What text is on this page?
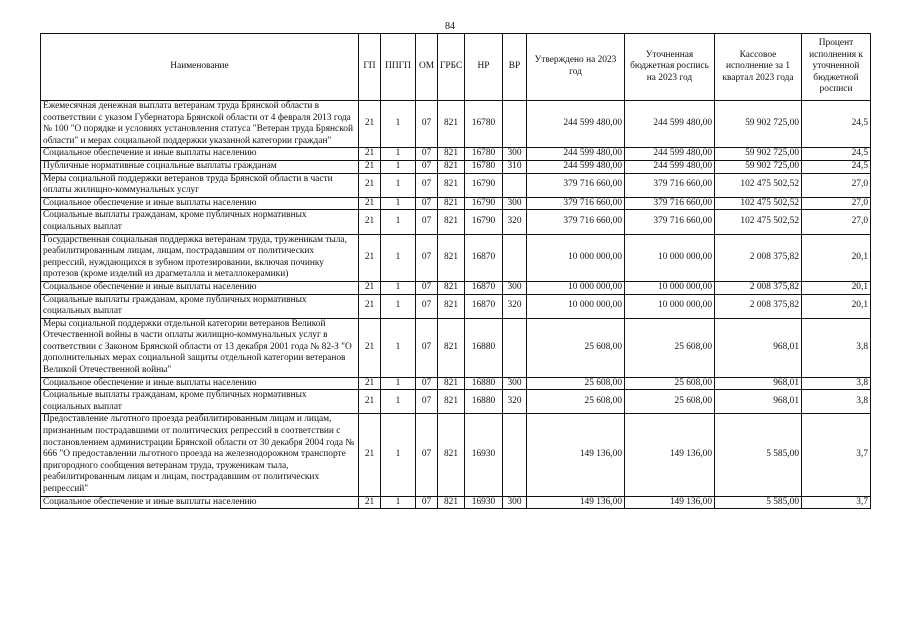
84
Наименование	ГП	ППГП	ОМ	ГРБС	НР	ВР	Утверждено на 2023 год	Уточненная бюджетная роспись на 2023 год	Кассовое исполнение за 1 квартал 2023 года	Процент исполнения к уточненной бюджетной росписи
Ежемесячная денежная выплата ветеранам труда Брянской области в соответствии с указом Губернатора Брянской области от 4 февраля 2013 года № 100 "О порядке и условиях установления статуса "Ветеран труда Брянской области" и мерах социальной поддержки указанной категории граждан"	21	1	07	821	16780		244 599 480,00	244 599 480,00	59 902 725,00	24,5
Социальное обеспечение и иные выплаты населению	21	1	07	821	16780	300	244 599 480,00	244 599 480,00	59 902 725,00	24,5
Публичные нормативные социальные выплаты гражданам	21	1	07	821	16780	310	244 599 480,00	244 599 480,00	59 902 725,00	24,5
Меры социальной поддержки ветеранов труда Брянской области в части оплаты жилищно-коммунальных услуг	21	1	07	821	16790		379 716 660,00	379 716 660,00	102 475 502,52	27,0
Социальное обеспечение и иные выплаты населению	21	1	07	821	16790	300	379 716 660,00	379 716 660,00	102 475 502,52	27,0
Социальные выплаты гражданам, кроме публичных нормативных социальных выплат	21	1	07	821	16790	320	379 716 660,00	379 716 660,00	102 475 502,52	27,0
Государственная социальная поддержка ветеранам труда, труженикам тыла, реабилитированным лицам, лицам, пострадавшим от политических репрессий, нуждающихся в зубном протезировании, включая починку протезов (кроме изделий из драгметалла и металлокерамики)	21	1	07	821	16870		10 000 000,00	10 000 000,00	2 008 375,82	20,1
Социальное обеспечение и иные выплаты населению	21	1	07	821	16870	300	10 000 000,00	10 000 000,00	2 008 375,82	20,1
Социальные выплаты гражданам, кроме публичных нормативных социальных выплат	21	1	07	821	16870	320	10 000 000,00	10 000 000,00	2 008 375,82	20,1
Меры социальной поддержки отдельной категории ветеранов Великой Отечественной войны в части оплаты жилищно-коммунальных услуг в соответствии с Законом Брянской области от 13 декабря 2001 года № 82-З "О дополнительных мерах социальной защиты отдельной категории ветеранов Великой Отечественной войны"	21	1	07	821	16880		25 608,00	25 608,00	968,01	3,8
Социальное обеспечение и иные выплаты населению	21	1	07	821	16880	300	25 608,00	25 608,00	968,01	3,8
Социальные выплаты гражданам, кроме публичных нормативных социальных выплат	21	1	07	821	16880	320	25 608,00	25 608,00	968,01	3,8
Предоставление льготного проезда реабилитированным лицам и лицам, признанным пострадавшими от политических репрессий в соответствии с постановлением администрации Брянской области от 30 декабря 2004 года № 666 "О предоставлении льготного проезда на железнодорожном транспорте пригородного сообщения ветеранам труда, труженикам тыла, реабилитированным лицам и лицам, пострадавшим от политических репрессий"	21	1	07	821	16930		149 136,00	149 136,00	5 585,00	3,7
Социальное обеспечение и иные выплаты населению	21	1	07	821	16930	300	149 136,00	149 136,00	5 585,00	3,7
